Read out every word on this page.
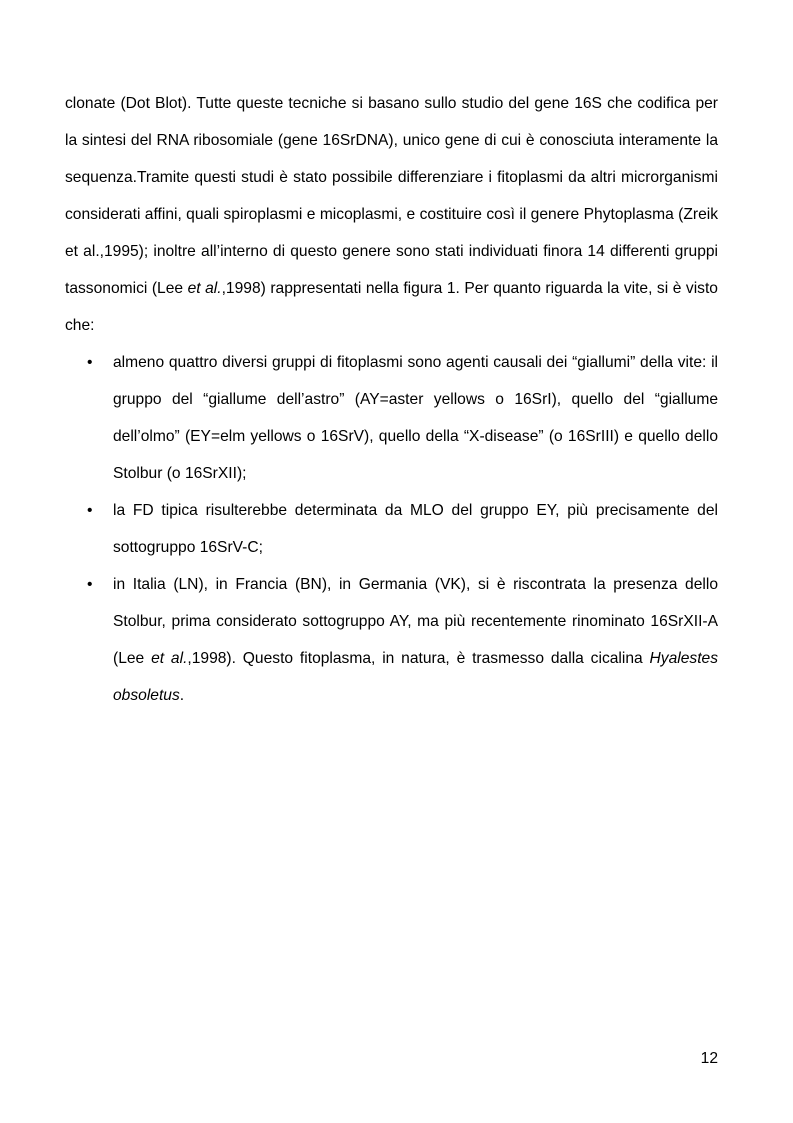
clonate (Dot Blot). Tutte queste tecniche si basano sullo studio del gene 16S che codifica per la sintesi del RNA ribosomiale (gene 16SrDNA), unico gene di cui è conosciuta interamente la sequenza.Tramite questi studi è stato possibile differenziare i fitoplasmi da altri microrganismi considerati affini, quali spiroplasmi e micoplasmi, e costituire così il genere Phytoplasma (Zreik et al.,1995); inoltre all’interno di questo genere sono stati individuati finora 14 differenti gruppi tassonomici (Lee et al.,1998) rappresentati nella figura 1. Per quanto riguarda la vite, si è visto che:

•	almeno quattro diversi gruppi di fitoplasmi sono agenti causali dei “giallumi” della vite: il gruppo del “giallume dell’astro” (AY=aster yellows o 16SrI), quello del “giallume dell’olmo” (EY=elm yellows o 16SrV), quello della “X-disease” (o 16SrIII) e quello dello Stolbur (o 16SrXII);
•	la FD tipica risulterebbe determinata da MLO del gruppo EY, più precisamente del sottogruppo 16SrV-C;
•	in Italia (LN), in Francia (BN), in Germania (VK), si è riscontrata la presenza dello Stolbur, prima considerato sottogruppo AY, ma più recentemente rinominato 16SrXII-A (Lee et al.,1998). Questo fitoplasma, in natura, è trasmesso dalla cicalina Hyalestes obsoletus.
12
